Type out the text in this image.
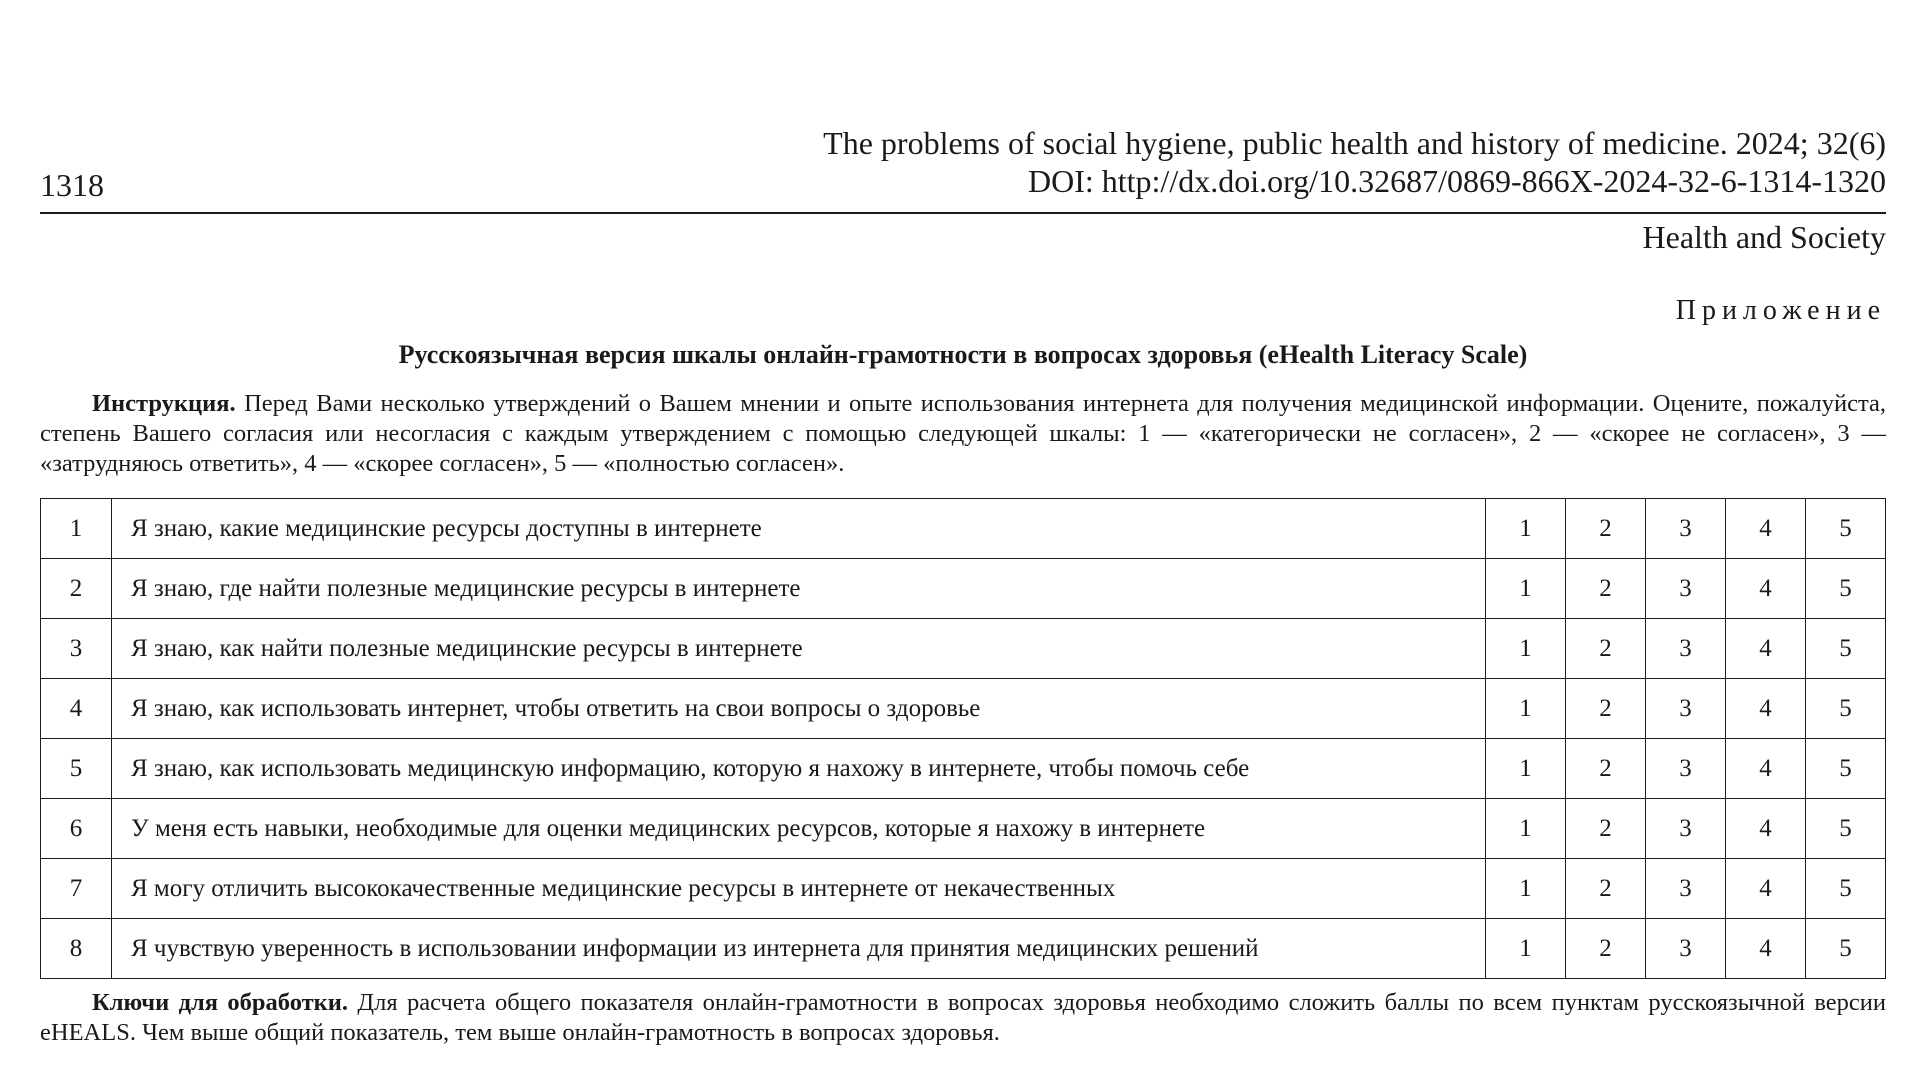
1318
The problems of social hygiene, public health and history of medicine. 2024; 32(6)
DOI: http://dx.doi.org/10.32687/0869-866X-2024-32-6-1314-1320
Health and Society
Приложение
Русскоязычная версия шкалы онлайн-грамотности в вопросах здоровья (eHealth Literacy Scale)

Инструкция. Перед Вами несколько утверждений о Вашем мнении и опыте использования интернета для получения медицинской информации. Оцените, пожалуйста, степень Вашего согласия или несогласия с каждым утверждением с помощью следующей шкалы: 1 — «категорически не согласен», 2 — «скорее не согласен», 3 — «затрудняюсь ответить», 4 — «скорее согласен», 5 — «полностью согласен».

1	Я знаю, какие медицинские ресурсы доступны в интернете	1	2	3	4	5
2	Я знаю, где найти полезные медицинские ресурсы в интернете	1	2	3	4	5
3	Я знаю, как найти полезные медицинские ресурсы в интернете	1	2	3	4	5
4	Я знаю, как использовать интернет, чтобы ответить на свои вопросы о здоровье	1	2	3	4	5
5	Я знаю, как использовать медицинскую информацию, которую я нахожу в интернете, чтобы помочь себе	1	2	3	4	5
6	У меня есть навыки, необходимые для оценки медицинских ресурсов, которые я нахожу в интернете	1	2	3	4	5
7	Я могу отличить высококачественные медицинские ресурсы в интернете от некачественных	1	2	3	4	5
8	Я чувствую уверенность в использовании информации из интернета для принятия медицинских решений	1	2	3	4	5

Ключи для обработки. Для расчета общего показателя онлайн-грамотности в вопросах здоровья необходимо сложить баллы по всем пунктам русскоязычной версии eHEALS. Чем выше общий показатель, тем выше онлайн-грамотность в вопросах здоровья.
